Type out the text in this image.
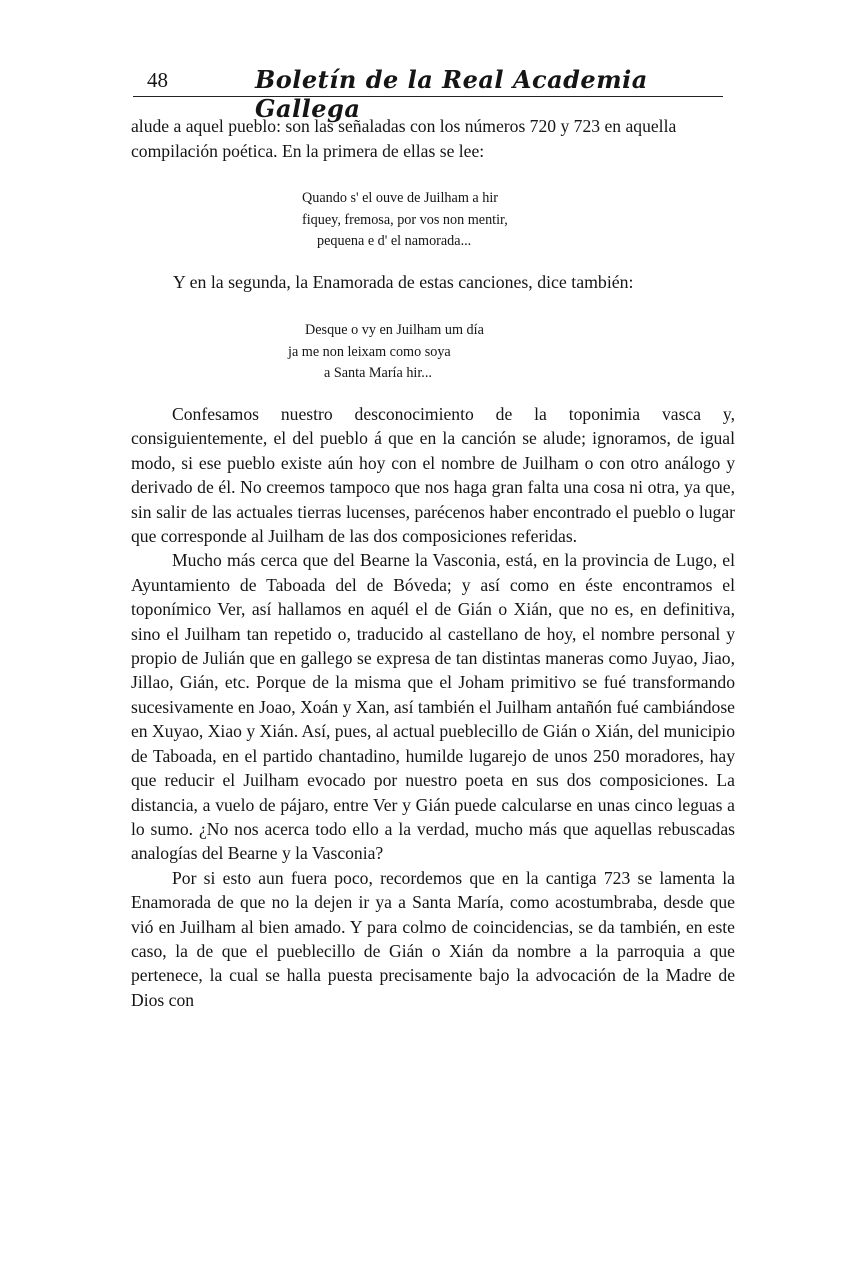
48	Boletín de la Real Academia Gallega
alude a aquel pueblo: son las señaladas con los números 720 y 723 en aquella compilación poética. En la primera de ellas se lee:
Quando s' el ouve de Juilham a hir
fiquey, fremosa, por vos non mentir,
pequena e d' el namorada...
Y en la segunda, la Enamorada de estas canciones, dice también:
Desque o vy en Juilham um día
ja me non leixam como soya
a Santa María hir...

Confesamos nuestro desconocimiento de la toponimia vasca y, consiguientemente, el del pueblo á que en la canción se alude; ignoramos, de igual modo, si ese pueblo existe aún hoy con el nombre de Juilham o con otro análogo y derivado de él. No creemos tampoco que nos haga gran falta una cosa ni otra, ya que, sin salir de las actuales tierras lucenses, parécenos haber encontrado el pueblo o lugar que corresponde al Juilham de las dos composiciones referidas.

Mucho más cerca que del Bearne la Vasconia, está, en la provincia de Lugo, el Ayuntamiento de Taboada del de Bóveda; y así como en éste encontramos el toponímico Ver, así hallamos en aquél el de Gián o Xián, que no es, en definitiva, sino el Juilham tan repetido o, traducido al castellano de hoy, el nombre personal y propio de Julián que en gallego se expresa de tan distintas maneras como Juyao, Jiao, Jillao, Gián, etc. Porque de la misma que el Joham primitivo se fué transformando sucesivamente en Joao, Xoán y Xan, así también el Juilham antañón fué cambiándose en Xuyao, Xiao y Xián. Así, pues, al actual pueblecillo de Gián o Xián, del municipio de Taboada, en el partido chantadino, humilde lugarejo de unos 250 moradores, hay que reducir el Juilham evocado por nuestro poeta en sus dos composiciones. La distancia, a vuelo de pájaro, entre Ver y Gián puede calcularse en unas cinco leguas a lo sumo. ¿No nos acerca todo ello a la verdad, mucho más que aquellas rebuscadas analogías del Bearne y la Vasconia?

Por si esto aun fuera poco, recordemos que en la cantiga 723 se lamenta la Enamorada de que no la dejen ir ya a Santa María, como acostumbraba, desde que vió en Juilham al bien amado. Y para colmo de coincidencias, se da también, en este caso, la de que el pueblecillo de Gián o Xián da nombre a la parroquia a que pertenece, la cual se halla puesta precisamente bajo la advocación de la Madre de Dios con
